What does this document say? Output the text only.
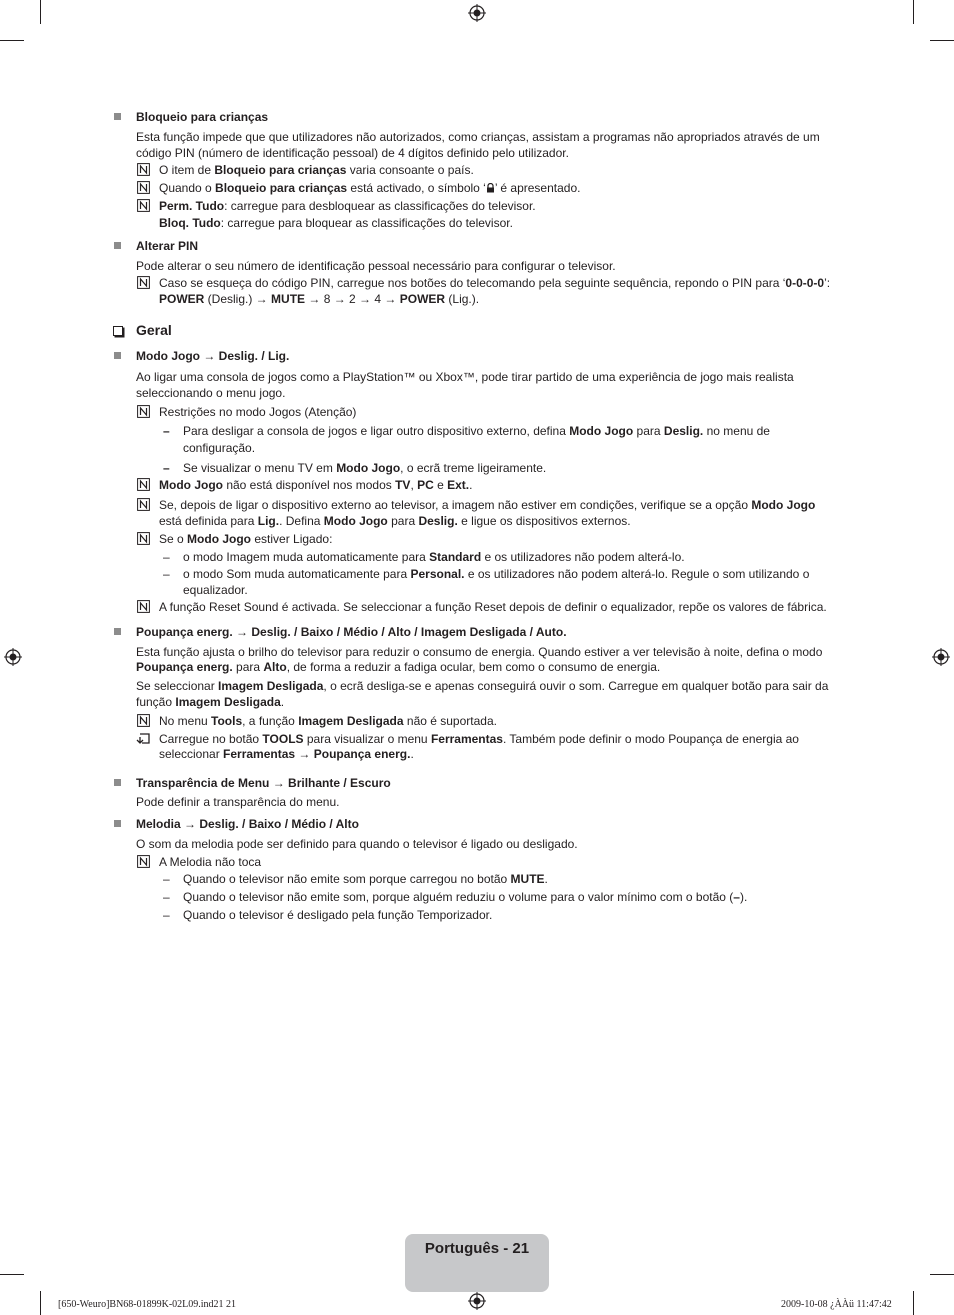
Bloqueio para crianças
Esta função impede que que utilizadores não autorizados, como crianças, assistam a programas não apropriados através de um
código PIN (número de identificação pessoal) de 4 dígitos definido pelo utilizador.
O item de Bloqueio para crianças varia consoante o país.
Quando o Bloqueio para crianças está activado, o símbolo ‘ ’ é apresentado.
Perm. Tudo: carregue para desbloquear as classificações do televisor.
Bloq. Tudo: carregue para bloquear as classificações do televisor.
Alterar PIN
Pode alterar o seu número de identificação pessoal necessário para configurar o televisor.
Caso se esqueça do código PIN, carregue nos botões do telecomando pela seguinte sequência, repondo o PIN para ‘0-0-0-0’:
POWER (Deslig.) → MUTE → 8 → 2 → 4 → POWER (Lig.).
Geral
Modo Jogo → Deslig. / Lig.
Ao ligar uma consola de jogos como a PlayStation™ ou Xbox™, pode tirar partido de uma experiência de jogo mais realista
seleccionando o menu jogo.
Restrições no modo Jogos (Atenção)
– Para desligar a consola de jogos e ligar outro dispositivo externo, defina Modo Jogo para Deslig. no menu de
configuração.
– Se visualizar o menu TV em Modo Jogo, o ecrã treme ligeiramente.
Modo Jogo não está disponível nos modos TV, PC e Ext..
Se, depois de ligar o dispositivo externo ao televisor, a imagem não estiver em condições, verifique se a opção Modo Jogo
está definida para Lig.. Defina Modo Jogo para Deslig. e ligue os dispositivos externos.
Se o Modo Jogo estiver Ligado:
– o modo Imagem muda automaticamente para Standard e os utilizadores não podem alterá-lo.
– o modo Som muda automaticamente para Personal. e os utilizadores não podem alterá-lo. Regule o som utilizando o
equalizador.
A função Reset Sound é activada. Se seleccionar a função Reset depois de definir o equalizador, repõe os valores de fábrica.
Poupança energ. → Deslig. / Baixo / Médio / Alto / Imagem Desligada / Auto.
Esta função ajusta o brilho do televisor para reduzir o consumo de energia. Quando estiver a ver televisão à noite, defina o modo
Poupança energ. para Alto, de forma a reduzir a fadiga ocular, bem como o consumo de energia.
Se seleccionar Imagem Desligada, o ecrã desliga-se e apenas conseguirá ouvir o som. Carregue em qualquer botão para sair da
função Imagem Desligada.
No menu Tools, a função Imagem Desligada não é suportada.
Carregue no botão TOOLS para visualizar o menu Ferramentas. Também pode definir o modo Poupança de energia ao
seleccionar Ferramentas → Poupança energ..
Transparência de Menu → Brilhante / Escuro
Pode definir a transparência do menu.
Melodia → Deslig. / Baixo / Médio / Alto
O som da melodia pode ser definido para quando o televisor é ligado ou desligado.
A Melodia não toca
– Quando o televisor não emite som porque carregou no botão MUTE.
– Quando o televisor não emite som, porque alguém reduziu o volume para o valor mínimo com o botão (–).
– Quando o televisor é desligado pela função Temporizador.
Português - 21
[650-Weuro]BN68-01899K-02L09.ind21 21	2009-10-08 ¿ÀÀü 11:47:42
